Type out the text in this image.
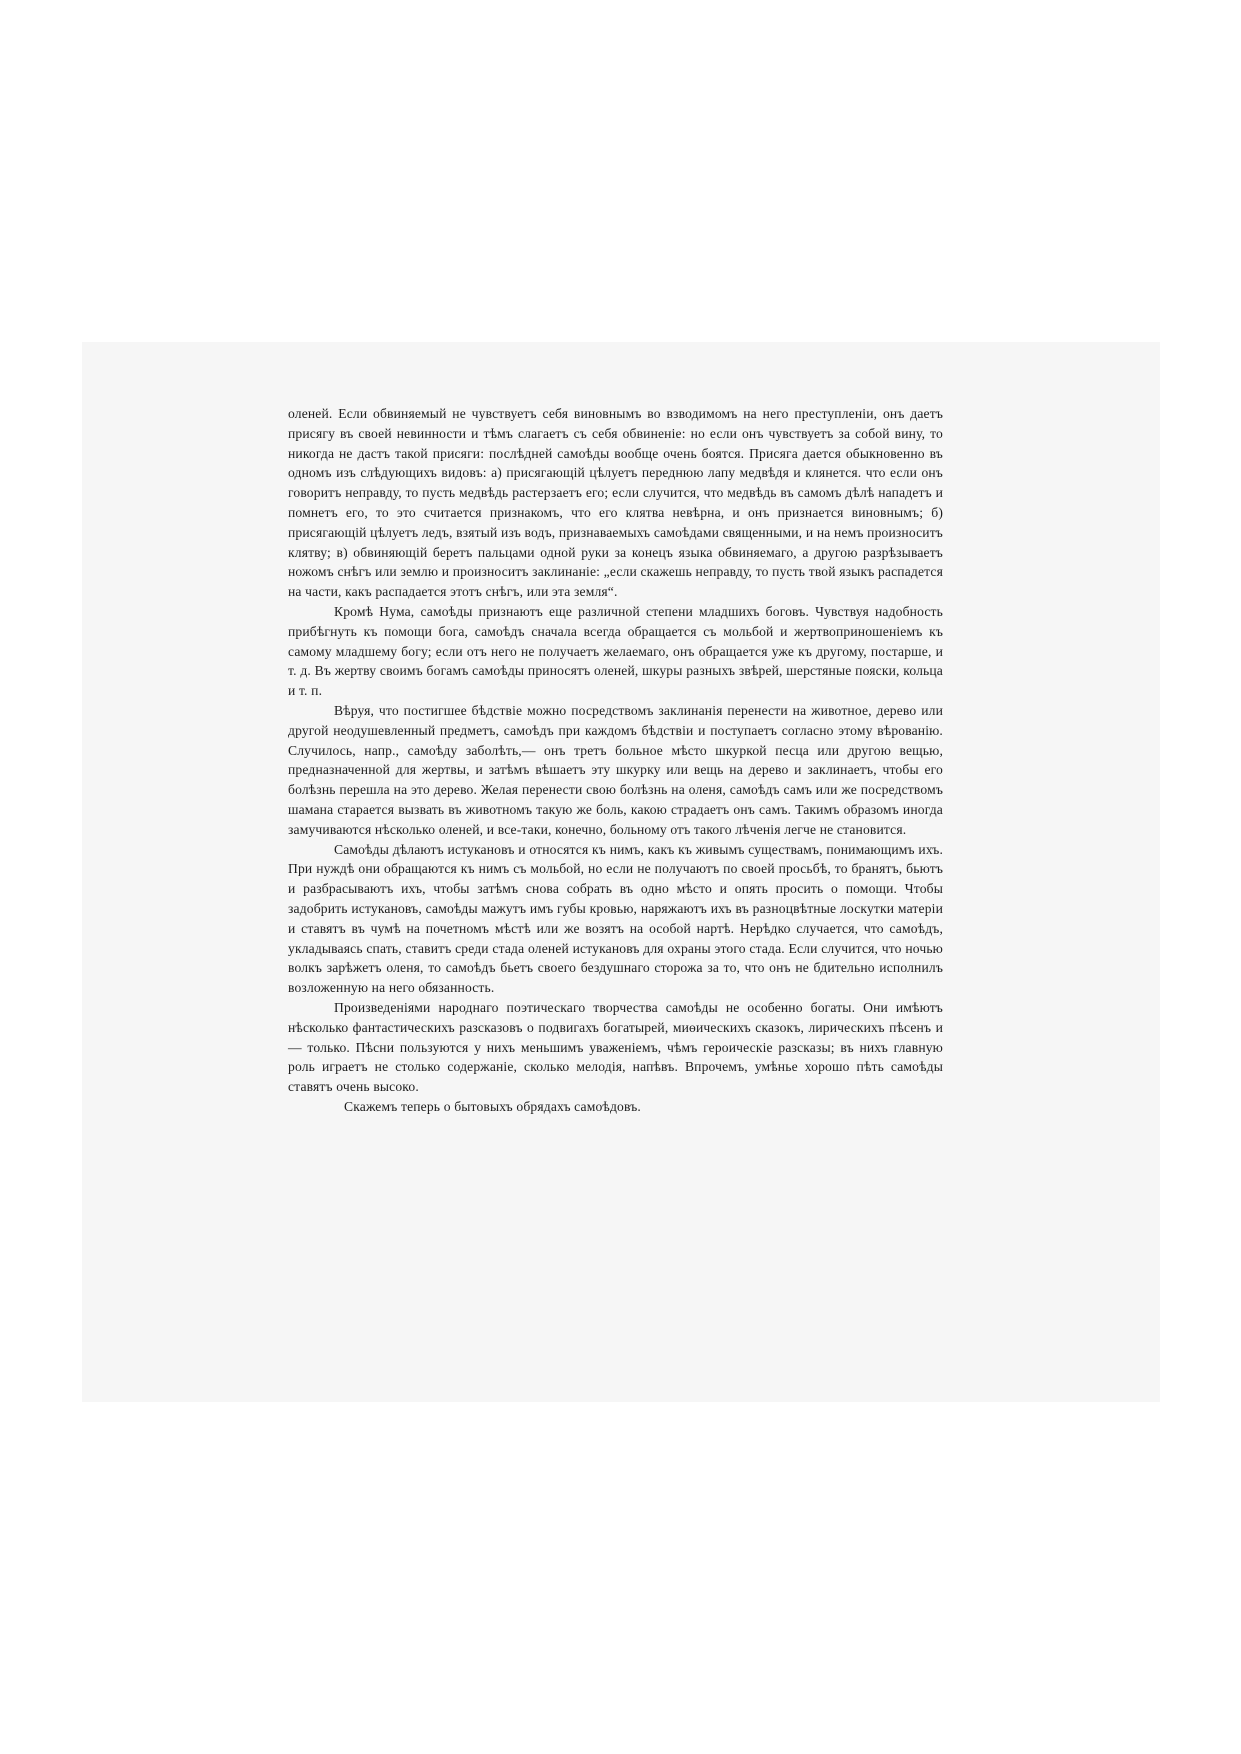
оленей. Если обвиняемый не чувствуетъ себя виновнымъ во взводимомъ на него преступленіи, онъ даетъ присягу въ своей невинности и тѣмъ слагаетъ съ себя обвиненіе: но если онъ чувствуетъ за собой вину, то никогда не дастъ такой присяги: послѣдней самоѣды вообще очень боятся. Присяга дается обыкновенно въ одномъ изъ слѣдующихъ видовъ: а) присягающій цѣлуетъ переднюю лапу медвѣдя и клянется. что если онъ говоритъ неправду, то пусть медвѣдь растерзаетъ его; если случится, что медвѣдь въ самомъ дѣлѣ нападетъ и помнетъ его, то это считается признакомъ, что его клятва невѣрна, и онъ признается виновнымъ; б) присягающій цѣлуетъ ледъ, взятый изъ водъ, признаваемыхъ самоѣдами священными, и на немъ произноситъ клятву; в) обвиняющій беретъ пальцами одной руки за конецъ языка обвиняемаго, а другою разрѣзываетъ ножомъ снѣгъ или землю и произноситъ заклинаніе: „если скажешь неправду, то пусть твой языкъ распадется на части, какъ распадается этотъ снѣгъ, или эта земля“.

Кромѣ Нума, самоѣды признаютъ еще различной степени младшихъ боговъ. Чувствуя надобность прибѣгнуть къ помощи бога, самоѣдъ сначала всегда обращается съ мольбой и жертвоприношеніемъ къ самому младшему богу; если отъ него не получаетъ желаемаго, онъ обращается уже къ другому, постарше, и т. д. Въ жертву своимъ богамъ самоѣды приносятъ оленей, шкуры разныхъ звѣрей, шерстяные пояски, кольца и т. п.

Вѣруя, что постигшее бѣдствіе можно посредствомъ заклинанія перенести на животное, дерево или другой неодушевленный предметъ, самоѣдъ при каждомъ бѣдствіи и поступаетъ согласно этому вѣрованію. Случилось, напр., самоѣду заболѣть,— онъ третъ больное мѣсто шкуркой песца или другою вещью, предназначенной для жертвы, и затѣмъ вѣшаетъ эту шкурку или вещь на дерево и заклинаетъ, чтобы его болѣзнь перешла на это дерево. Желая перенести свою болѣзнь на оленя, самоѣдъ самъ или же посредствомъ шамана старается вызвать въ животномъ такую же боль, какою страдаетъ онъ самъ. Такимъ образомъ иногда замучиваются нѣсколько оленей, и все-таки, конечно, больному отъ такого лѣченія легче не становится.

Самоѣды дѣлаютъ истукановъ и относятся къ нимъ, какъ къ живымъ существамъ, понимающимъ ихъ. При нуждѣ они обращаются къ нимъ съ мольбой, но если не получаютъ по своей просьбѣ, то бранятъ, бьютъ и разбрасываютъ ихъ, чтобы затѣмъ снова собрать въ одно мѣсто и опять просить о помощи. Чтобы задобрить истукановъ, самоѣды мажутъ имъ губы кровью, наряжаютъ ихъ въ разноцвѣтные лоскутки матеріи и ставятъ въ чумѣ на почетномъ мѣстѣ или же возятъ на особой нартѣ. Нерѣдко случается, что самоѣдъ, укладываясь спать, ставитъ среди стада оленей истукановъ для охраны этого стада. Если случится, что ночью волкъ зарѣжетъ оленя, то самоѣдъ бьетъ своего бездушнаго сторожа за то, что онъ не бдительно исполнилъ возложенную на него обязанность.

Произведеніями народнаго поэтическаго творчества самоѣды не особенно богаты. Они имѣютъ нѣсколько фантастическихъ разсказовъ о подвигахъ богатырей, миѳическихъ сказокъ, лирическихъ пѣсенъ и — только. Пѣсни пользуются у нихъ меньшимъ уваженіемъ, чѣмъ героическіе разсказы; въ нихъ главную роль играетъ не столько содержаніе, сколько мелодія, напѣвъ. Впрочемъ, умѣнье хорошо пѣть самоѣды ставятъ очень высоко.

Скажемъ теперь о бытовыхъ обрядахъ самоѣдовъ.
